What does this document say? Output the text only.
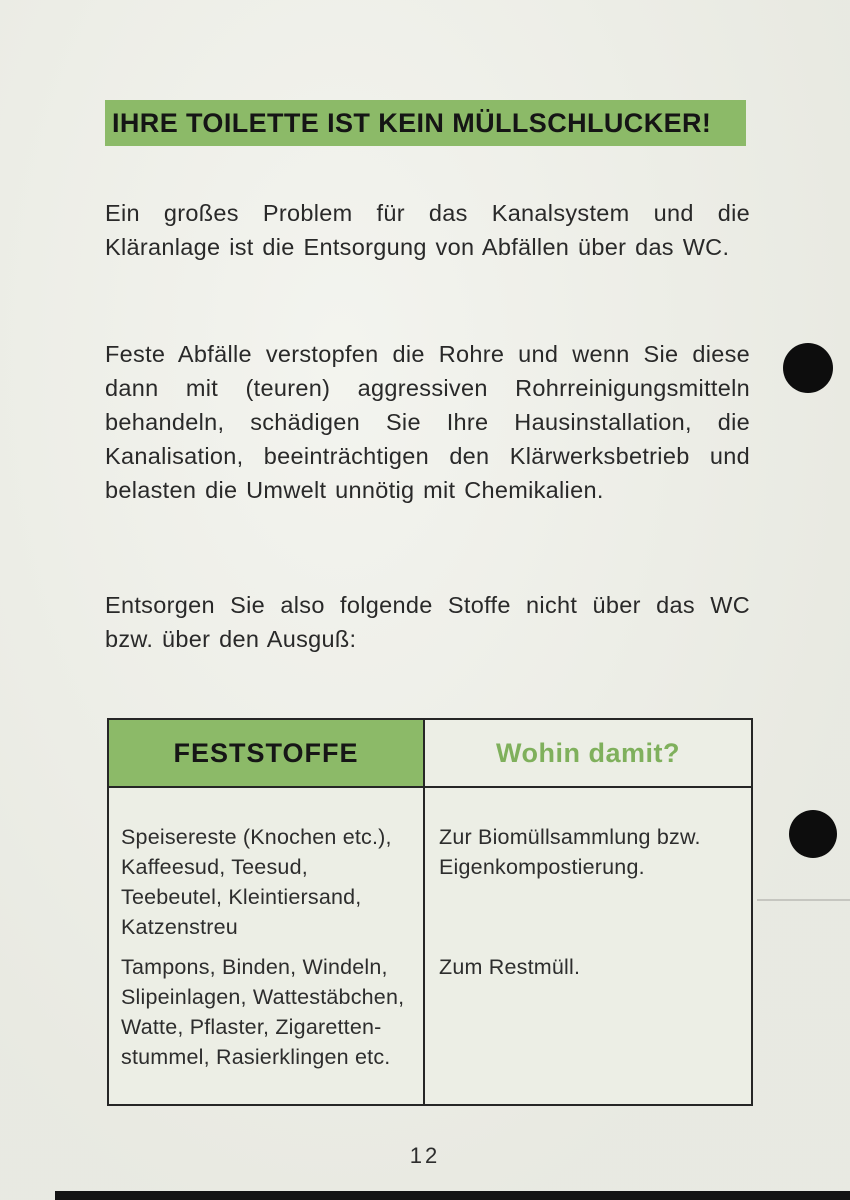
IHRE TOILETTE IST KEIN MÜLLSCHLUCKER!

Ein großes Problem für das Kanalsystem und die Kläranlage ist die Entsorgung von Abfällen über das WC.

Feste Abfälle verstopfen die Rohre und wenn Sie diese dann mit (teuren) aggressiven Rohrreinigungsmitteln behandeln, schädigen Sie Ihre Hausinstallation, die Kanalisation, beeinträchtigen den Klärwerksbetrieb und belasten die Umwelt unnötig mit Chemikalien.

Entsorgen Sie also folgende Stoffe nicht über das WC bzw. über den Ausguß:

FESTSTOFFE	Wohin damit?
Speisereste (Knochen etc.), Kaffeesud, Teesud, Teebeutel, Kleintiersand, Katzenstreu
Zur Biomüllsammlung bzw. Eigenkompostierung.
Tampons, Binden, Windeln, Slipeinlagen, Wattestäbchen, Watte, Pflaster, Zigarettenstummel, Rasierklingen etc.
Zum Restmüll.
12
